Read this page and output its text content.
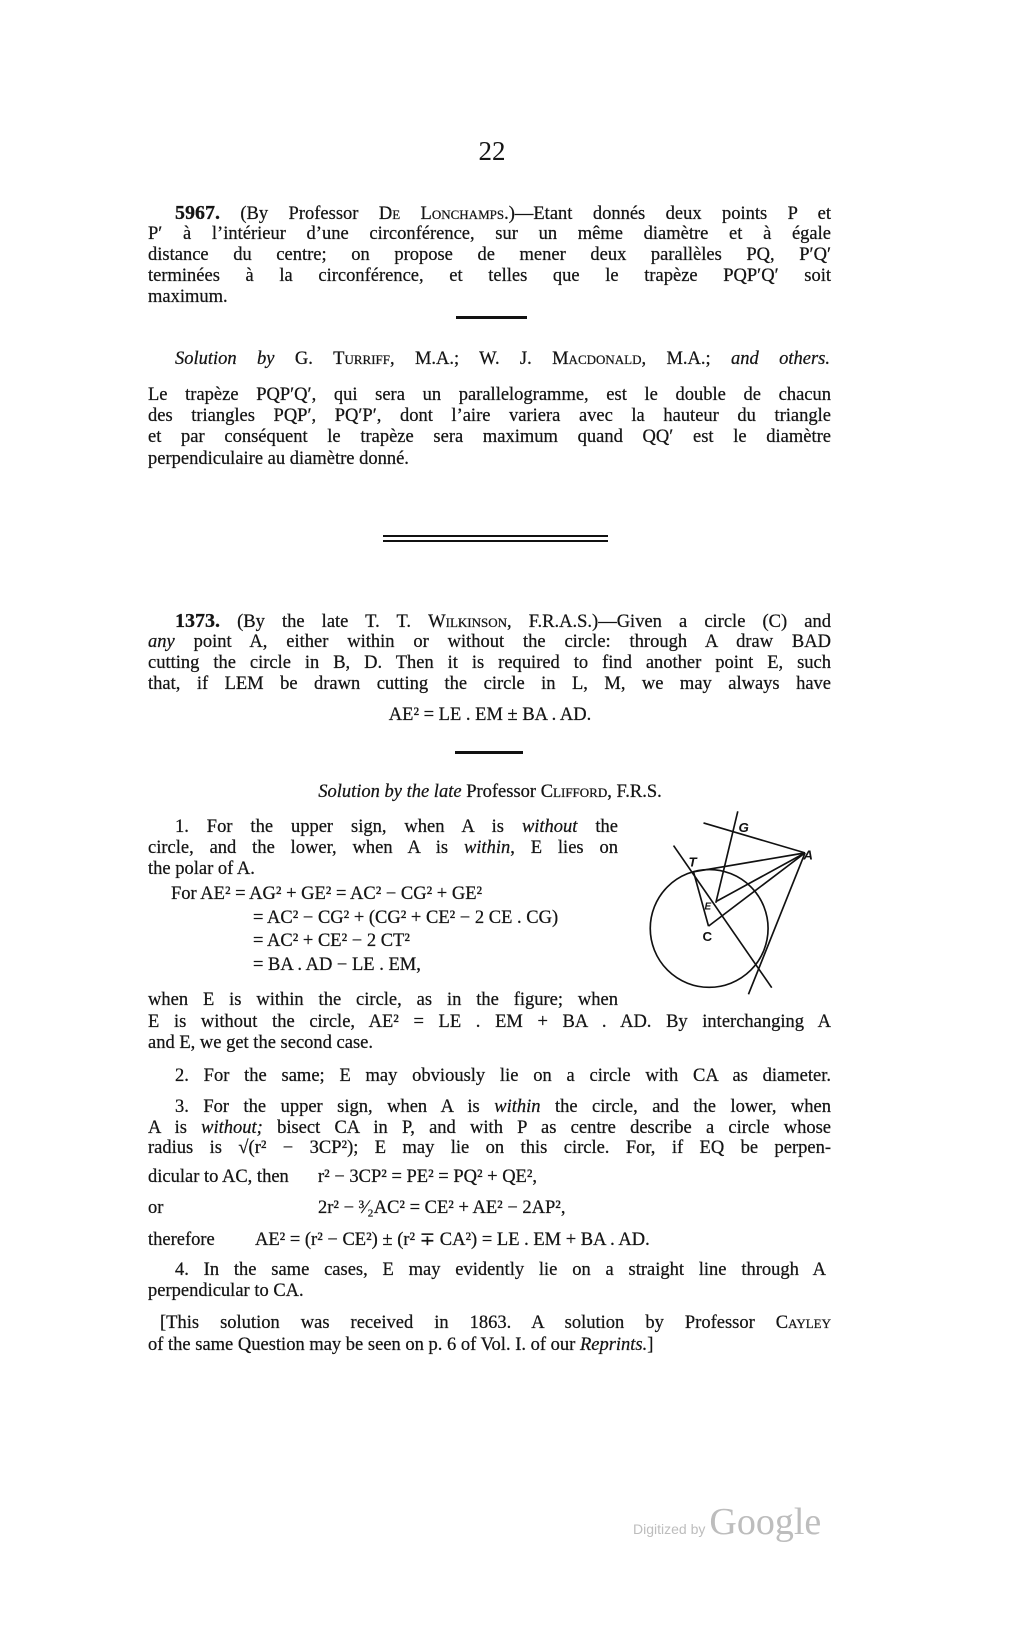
22
G
T	A
E
C
Digitized by Google
5967. (By Professor De Lonchamps.)—Etant donnés deux points P et
P′ à l’intérieur d’une circonférence, sur un même diamètre et à égale
distance du centre; on propose de mener deux parallèles PQ, P′Q′
terminées à la circonférence, et telles que le trapèze PQP′Q′ soit
maximum.
Solution by G. Turriff, M.A.; W. J. Macdonald, M.A.; and others.
Le trapèze PQP′Q′, qui sera un parallelogramme, est le double de chacun
des triangles PQP′, PQ′P′, dont l’aire variera avec la hauteur du triangle
et par conséquent le trapèze sera maximum quand QQ′ est le diamètre
perpendiculaire au diamètre donné.
1373. (By the late T. T. Wilkinson, F.R.A.S.)—Given a circle (C) and
any point A, either within or without the circle: through A draw BAD
cutting the circle in B, D. Then it is required to find another point E, such
that, if LEM be drawn cutting the circle in L, M, we may always have
AE² = LE . EM ± BA . AD.
Solution by the late Professor Clifford, F.R.S.
1. For the upper sign, when A is without the
circle, and the lower, when A is within, E lies on
the polar of A.
For AE² = AG² + GE² = AC² − CG² + GE²
= AC² − CG² + (CG² + CE² − 2 CE . CG)
= AC² + CE² − 2 CT²
= BA . AD − LE . EM,
when E is within the circle, as in the figure; when
E is without the circle, AE² = LE . EM + BA . AD. By interchanging A
and E, we get the second case.
2. For the same; E may obviously lie on a circle with CA as diameter.
3. For the upper sign, when A is within the circle, and the lower, when
A is without; bisect CA in P, and with P as centre describe a circle whose
radius is √(r² − 3CP²); E may lie on this circle. For, if EQ be perpen-
dicular to AC, then r² − 3CP² = PE² = PQ² + QE²,
or	2r² − ³⁄₂AC² = CE² + AE² − 2AP²,
therefore AE² = (r² − CE²) ± (r² ∓ CA²) = LE . EM + BA . AD.
4. In the same cases, E may evidently lie on a straight line through A
perpendicular to CA.
[This solution was received in 1863. A solution by Professor Cayley
of the same Question may be seen on p. 6 of Vol. I. of our Reprints.]
